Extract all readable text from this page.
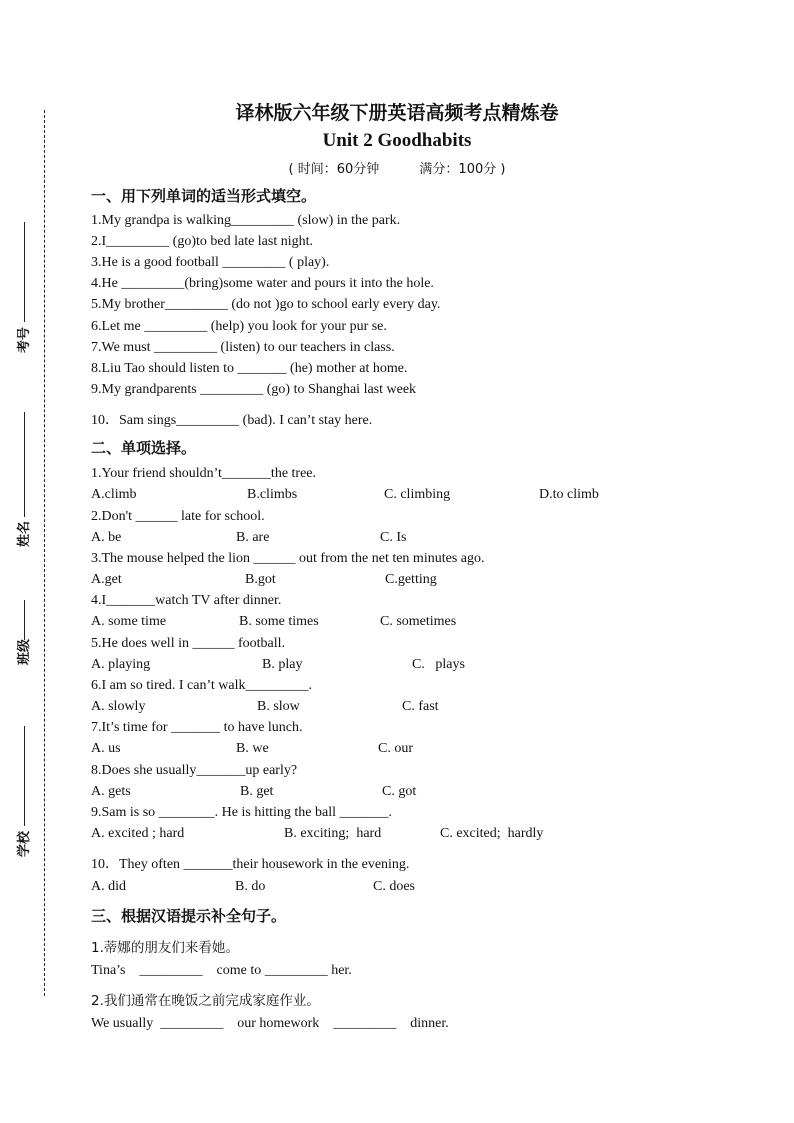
考号
姓名
班级
学校
译林版六年级下册英语高频考点精炼卷
Unit 2 Goodhabits
( 时间：60分钟	满分：100分 )
一、用下列单词的适当形式填空。
1.My grandpa is walking_________ (slow) in the park.
2.I_________ (go)to bed late last night.
3.He is a good football _________ ( play).
4.He _________(bring)some water and pours it into the hole.
5.My brother_________ (do not )go to school early every day.
6.Let me _________ (help) you look for your pur se.
7.We must _________ (listen) to our teachers in class.
8.Liu Tao should listen to _______ (he) mother at home.
9.My grandparents _________ (go) to Shanghai last week
10．Sam sings_________ (bad). I can’t stay here.
二、单项选择。
1.Your friend shouldn’t_______the tree.
A.climb	B.climbs	C. climbing	D.to climb
2.Don't ______ late for school.
A. be	B. are	C. Is
3.The mouse helped the lion ______ out from the net ten minutes ago.
A.get	B.got	C.getting
4.I_______watch TV after dinner.
A. some time	B. some times	C. sometimes
5.He does well in ______ football.
A. playing	B. play	C.   plays
6.I am so tired. I can’t walk_________.
A. slowly	B. slow	C. fast
7.It’s time for _______ to have lunch.
A. us	B. we	C. our
8.Does she usually_______up early?
A. gets	B. get	C. got
9.Sam is so ________. He is hitting the ball _______.
A. excited ; hard	B. exciting;  hard	C. excited;  hardly
10．They often _______their housework in the evening.
A. did	B. do	C. does
三、根据汉语提示补全句子。
1.蒂娜的朋友们来看她。
Tina’s    _________    come to _________ her.
2.我们通常在晚饭之前完成家庭作业。
We usually  _________    our homework    _________    dinner.
